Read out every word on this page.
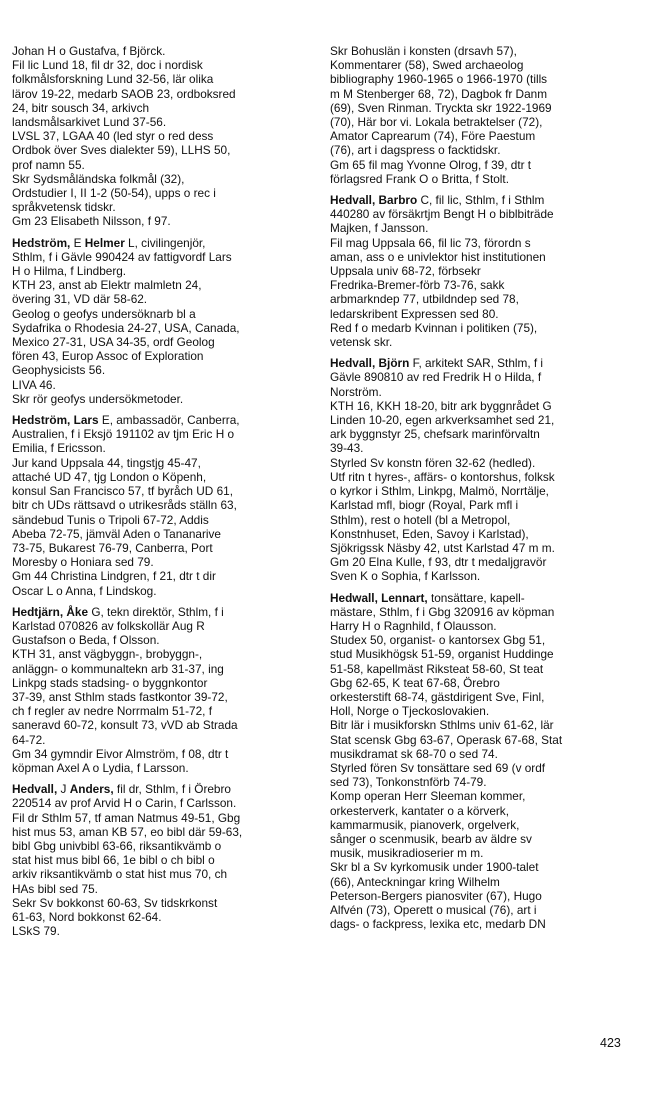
Johan H o Gustafva, f Björck.
Fil lic Lund 18, fil dr 32, doc i nordisk
folkmålsforskning Lund 32-56, lär olika
lärov 19-22, medarb SAOB 23, ordboksred
24, bitr sousch 34, arkivch
landsmålsarkivet Lund 37-56.
LVSL 37, LGAA 40 (led styr o red dess
Ordbok över Sves dialekter 59), LLHS 50,
prof namn 55.
Skr Sydsmåländska folkmål (32),
Ordstudier I, II 1-2 (50-54), upps o rec i
språkvetensk tidskr.
Gm 23 Elisabeth Nilsson, f 97.
Hedström, E Helmer L, civilingenjör,
Sthlm, f i Gävle 990424 av fattigvordf Lars
H o Hilma, f Lindberg.
KTH 23, anst ab Elektr malmletn 24,
övering 31, VD där 58-62.
Geolog o geofys undersöknarb bl a
Sydafrika o Rhodesia 24-27, USA, Canada,
Mexico 27-31, USA 34-35, ordf Geolog
fören 43, Europ Assoc of Exploration
Geophysicists 56.
LIVA 46.
Skr rör geofys undersökmetoder.
Hedström, Lars E, ambassadör, Canberra,
Australien, f i Eksjö 191102 av tjm Eric H o
Emilia, f Ericsson.
Jur kand Uppsala 44, tingstjg 45-47,
attaché UD 47, tjg London o Köpenh,
konsul San Francisco 57, tf byråch UD 61,
bitr ch UDs rättsavd o utrikesråds ställn 63,
sändebud Tunis o Tripoli 67-72, Addis
Abeba 72-75, jämväl Aden o Tananarive
73-75, Bukarest 76-79, Canberra, Port
Moresby o Honiara sed 79.
Gm 44 Christina Lindgren, f 21, dtr t dir
Oscar L o Anna, f Lindskog.
Hedtjärn, Åke G, tekn direktör, Sthlm, f i
Karlstad 070826 av folkskollär Aug R
Gustafson o Beda, f Olsson.
KTH 31, anst vägbyggn-, brobyggn-,
anläggn- o kommunaltekn arb 31-37, ing
Linkpg stads stadsing- o byggnkontor
37-39, anst Sthlm stads fastkontor 39-72,
ch f regler av nedre Norrmalm 51-72, f
saneravd 60-72, konsult 73, vVD ab Strada
64-72.
Gm 34 gymndir Eivor Almström, f 08, dtr t
köpman Axel A o Lydia, f Larsson.
Hedvall, J Anders, fil dr, Sthlm, f i Örebro
220514 av prof Arvid H o Carin, f Carlsson.
Fil dr Sthlm 57, tf aman Natmus 49-51, Gbg
hist mus 53, aman KB 57, eo bibl där 59-63,
bibl Gbg univbibl 63-66, riksantikvämb o
stat hist mus bibl 66, 1e bibl o ch bibl o
arkiv riksantikvämb o stat hist mus 70, ch
HAs bibl sed 75.
Sekr Sv bokkonst 60-63, Sv tidskrkonst
61-63, Nord bokkonst 62-64.
LSkS 79.
Skr Bohuslän i konsten (drsavh 57),
Kommentarer (58), Swed archaeolog
bibliography 1960-1965 o 1966-1970 (tills
m M Stenberger 68, 72), Dagbok fr Danm
(69), Sven Rinman. Tryckta skr 1922-1969
(70), Här bor vi. Lokala betraktelser (72),
Amator Caprearum (74), Före Paestum
(76), art i dagspress o facktidskr.
Gm 65 fil mag Yvonne Olrog, f 39, dtr t
förlagsred Frank O o Britta, f Stolt.
Hedvall, Barbro C, fil lic, Sthlm, f i Sthlm
440280 av försäkrtjm Bengt H o biblbiträde
Majken, f Jansson.
Fil mag Uppsala 66, fil lic 73, förordn s
aman, ass o e univlektor hist institutionen
Uppsala univ 68-72, förbsekr
Fredrika-Bremer-förb 73-76, sakk
arbmarkndep 77, utbildndep sed 78,
ledarskribent Expressen sed 80.
Red f o medarb Kvinnan i politiken (75),
vetensk skr.
Hedvall, Björn F, arkitekt SAR, Sthlm, f i
Gävle 890810 av red Fredrik H o Hilda, f
Norström.
KTH 16, KKH 18-20, bitr ark byggnrådet G
Linden 10-20, egen arkverksamhet sed 21,
ark byggnstyr 25, chefsark marinförvaltn
39-43.
Styrled Sv konstn fören 32-62 (hedled).
Utf ritn t hyres-, affärs- o kontorshus, folksk
o kyrkor i Sthlm, Linkpg, Malmö, Norrtälje,
Karlstad mfl, biogr (Royal, Park mfl i
Sthlm), rest o hotell (bl a Metropol,
Konstnhuset, Eden, Savoy i Karlstad),
Sjökrigssk Näsby 42, utst Karlstad 47 m m.
Gm 20 Elna Kulle, f 93, dtr t medaljgravör
Sven K o Sophia, f Karlsson.
Hedwall, Lennart, tonsättare, kapell-
mästare, Sthlm, f i Gbg 320916 av köpman
Harry H o Ragnhild, f Olausson.
Studex 50, organist- o kantorsex Gbg 51,
stud Musikhögsk 51-59, organist Huddinge
51-58, kapellmäst Riksteat 58-60, St teat
Gbg 62-65, K teat 67-68, Örebro
orkesterstift 68-74, gästdirigent Sve, Finl,
Holl, Norge o Tjeckoslovakien.
Bitr lär i musikforskn Sthlms univ 61-62, lär
Stat scensk Gbg 63-67, Operask 67-68, Stat
musikdramat sk 68-70 o sed 74.
Styrled fören Sv tonsättare sed 69 (v ordf
sed 73), Tonkonstnförb 74-79.
Komp operan Herr Sleeman kommer,
orkesterverk, kantater o a körverk,
kammarmusik, pianoverk, orgelverk,
sånger o scenmusik, bearb av äldre sv
musik, musikradioserier m m.
Skr bl a Sv kyrkomusik under 1900-talet
(66), Anteckningar kring Wilhelm
Peterson-Bergers pianosviter (67), Hugo
Alfvén (73), Operett o musical (76), art i
dags- o fackpress, lexika etc, medarb DN
423
